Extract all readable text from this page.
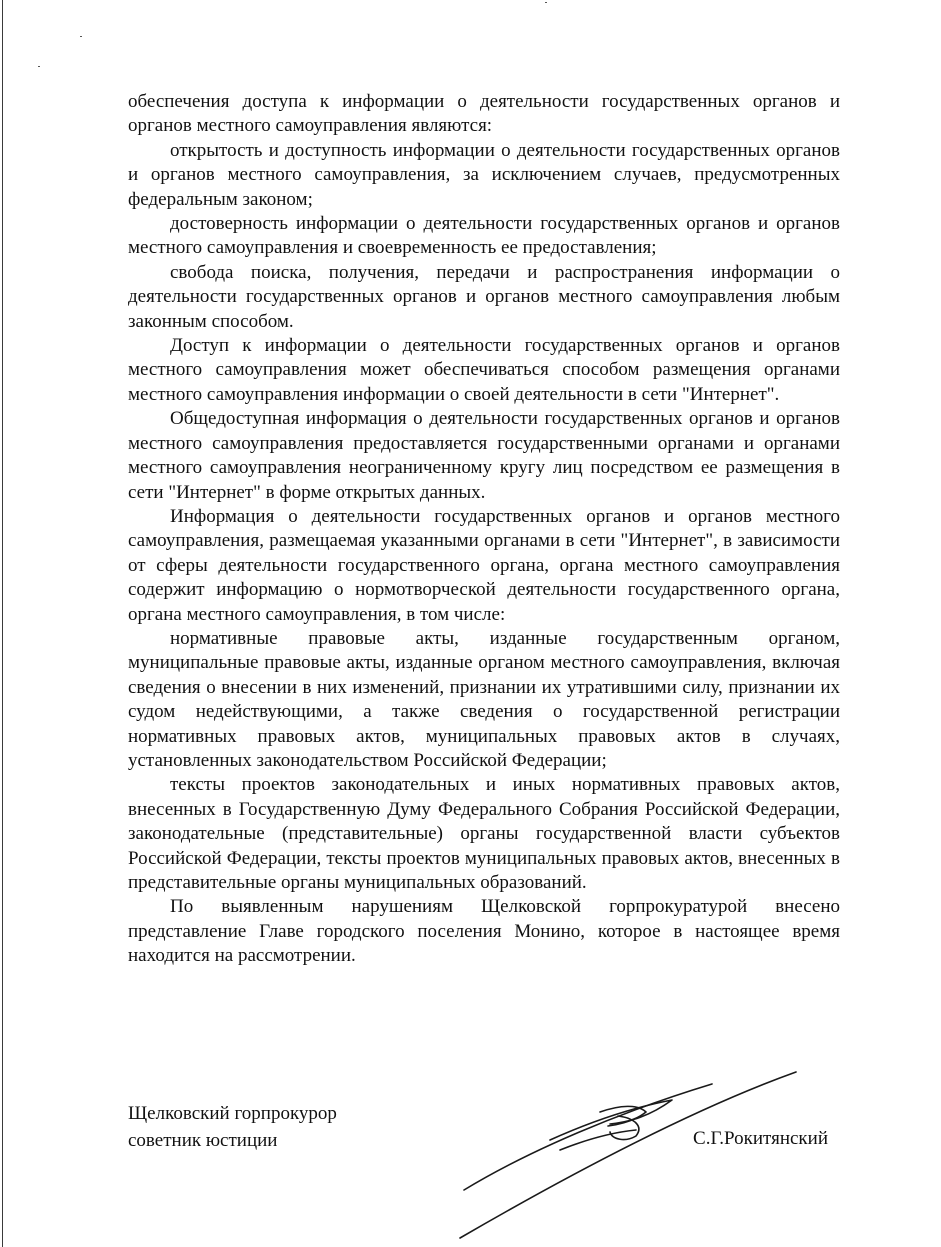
обеспечения доступа к информации о деятельности государственных органов и органов местного самоуправления являются:

открытость и доступность информации о деятельности государственных органов и органов местного самоуправления, за исключением случаев, предусмотренных федеральным законом;

достоверность информации о деятельности государственных органов и органов местного самоуправления и своевременность ее предоставления;

свобода поиска, получения, передачи и распространения информации о деятельности государственных органов и органов местного самоуправления любым законным способом.

Доступ к информации о деятельности государственных органов и органов местного самоуправления может обеспечиваться способом размещения органами местного самоуправления информации о своей деятельности в сети "Интернет".

Общедоступная информация о деятельности государственных органов и органов местного самоуправления предоставляется государственными органами и органами местного самоуправления неограниченному кругу лиц посредством ее размещения в сети "Интернет" в форме открытых данных.

Информация о деятельности государственных органов и органов местного самоуправления, размещаемая указанными органами в сети "Интернет", в зависимости от сферы деятельности государственного органа, органа местного самоуправления содержит информацию о нормотворческой деятельности государственного органа, органа местного самоуправления, в том числе:

нормативные правовые акты, изданные государственным органом, муниципальные правовые акты, изданные органом местного самоуправления, включая сведения о внесении в них изменений, признании их утратившими силу, признании их судом недействующими, а также сведения о государственной регистрации нормативных правовых актов, муниципальных правовых актов в случаях, установленных законодательством Российской Федерации;

тексты проектов законодательных и иных нормативных правовых актов, внесенных в Государственную Думу Федерального Собрания Российской Федерации, законодательные (представительные) органы государственной власти субъектов Российской Федерации, тексты проектов муниципальных правовых актов, внесенных в представительные органы муниципальных образований.

По выявленным нарушениям Щелковской горпрокуратурой внесено представление Главе городского поселения Монино, которое в настоящее время находится на рассмотрении.

Щелковский горпрокурор
советник юстиции	С.Г.Рокитянский
